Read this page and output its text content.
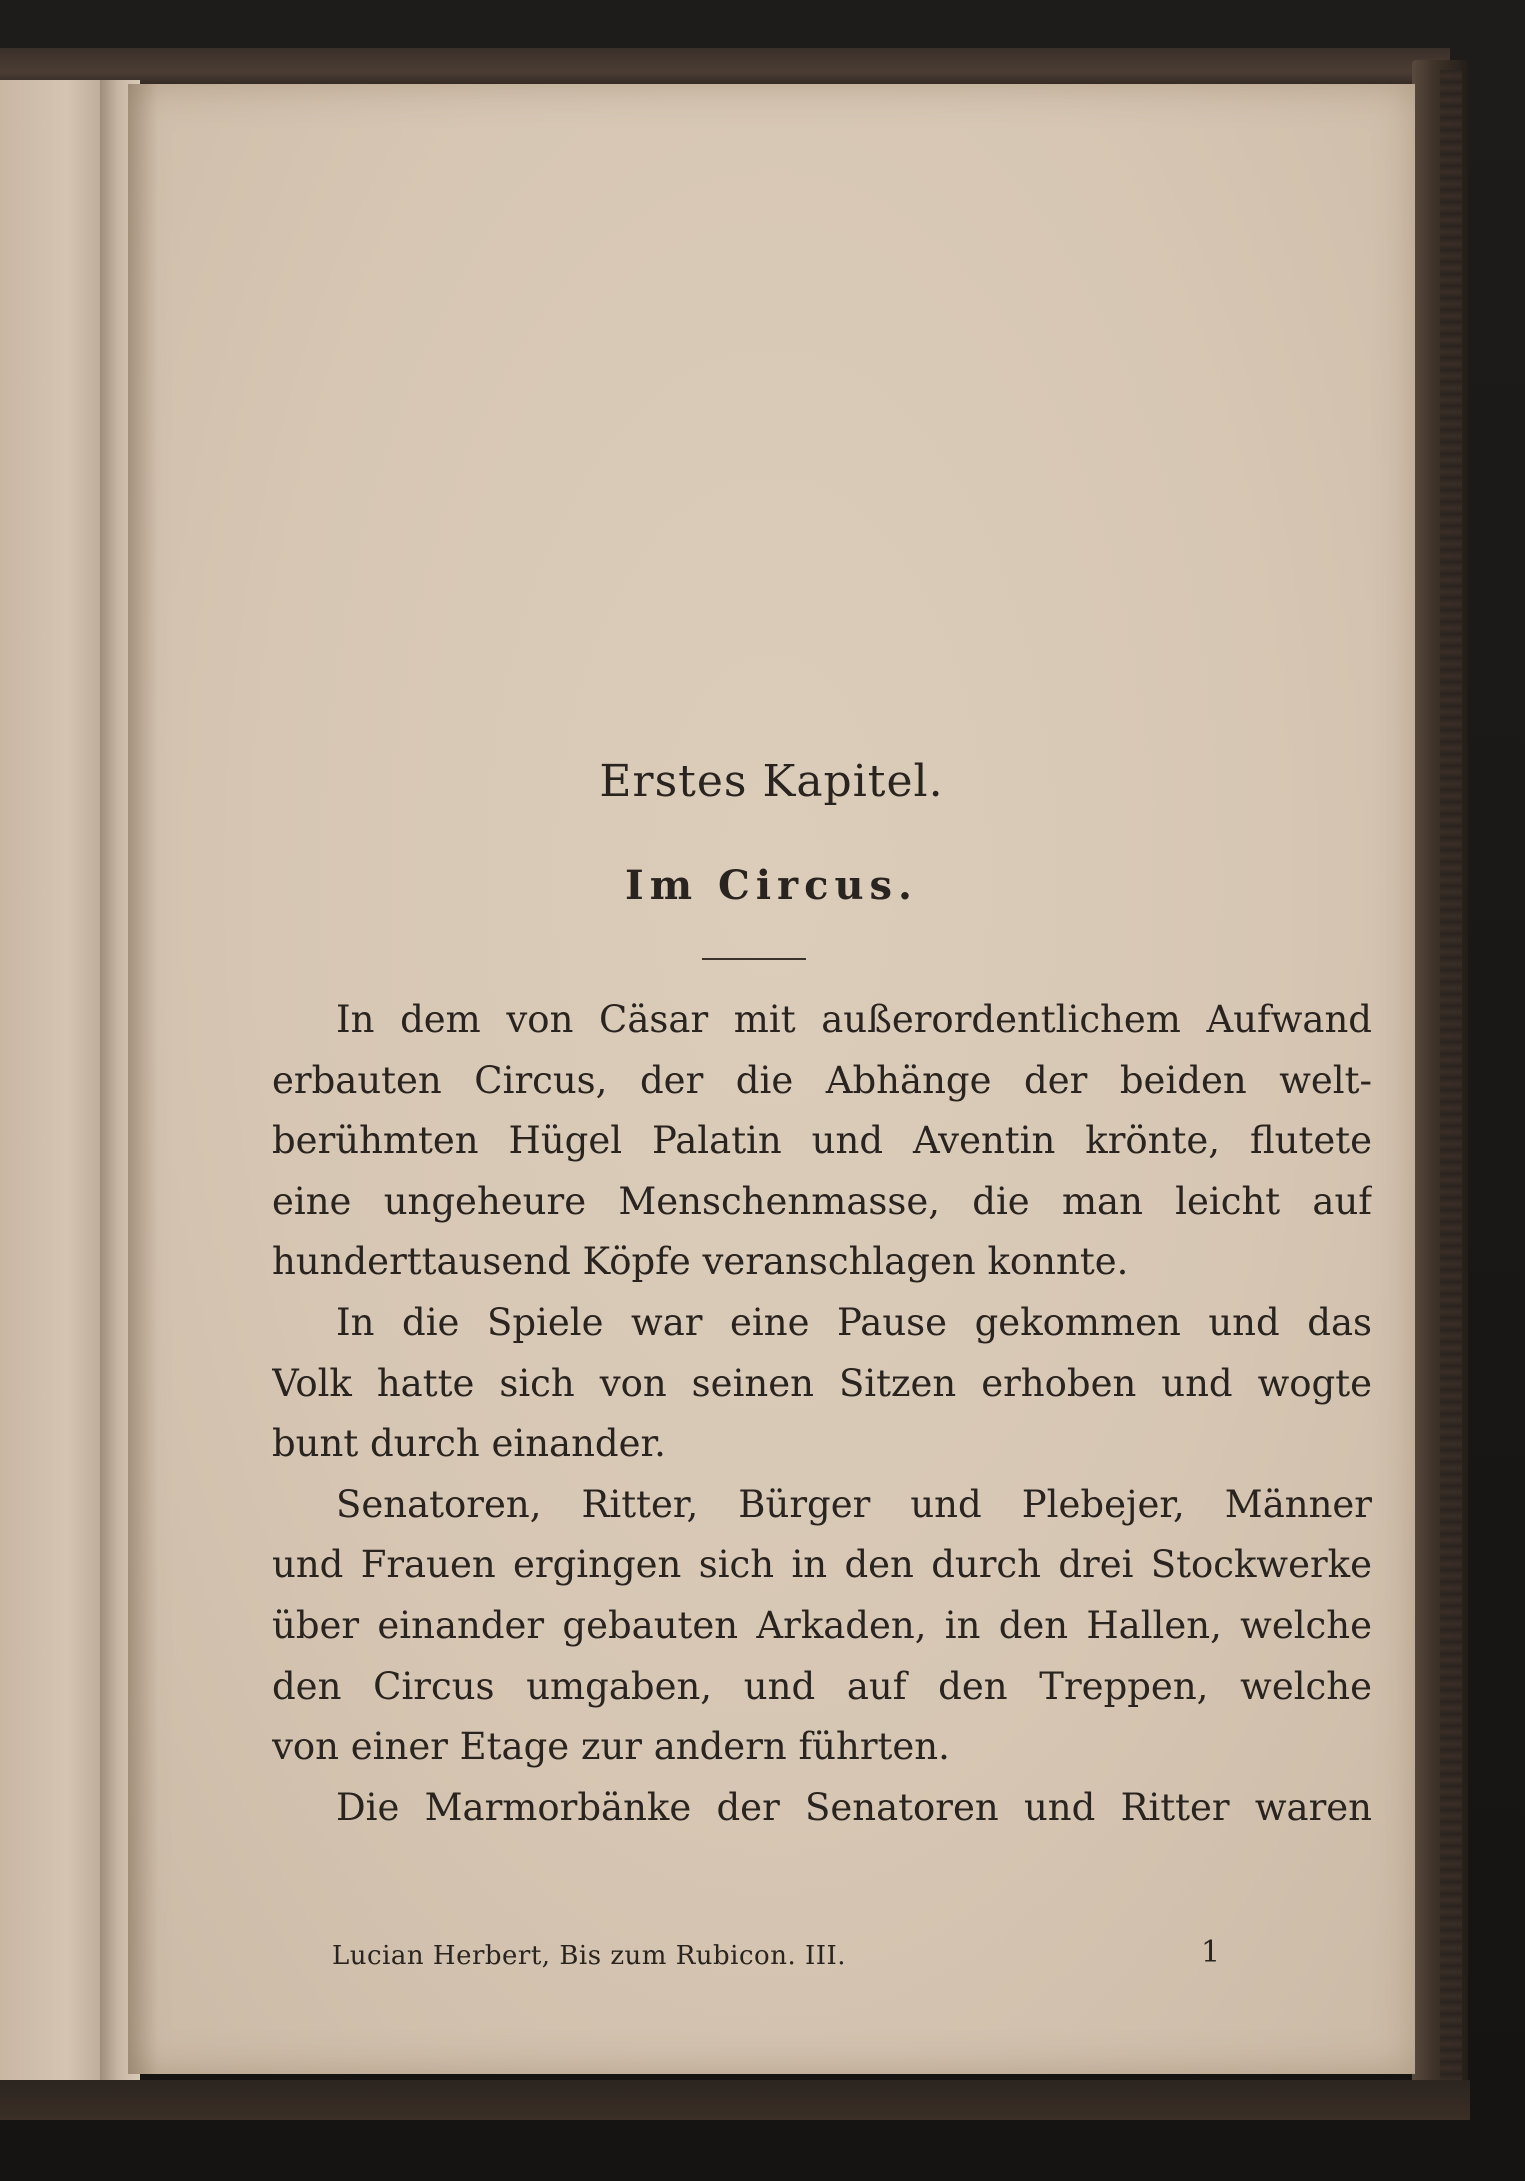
Erstes Kapitel.
Im Circus.
In dem von Cäsar mit außerordentlichem Aufwand
erbauten Circus, der die Abhänge der beiden welt-
berühmten Hügel Palatin und Aventin krönte, flutete
eine ungeheure Menschenmasse, die man leicht auf
hunderttausend Köpfe veranschlagen konnte.
In die Spiele war eine Pause gekommen und das
Volk hatte sich von seinen Sitzen erhoben und wogte
bunt durch einander.
Senatoren, Ritter, Bürger und Plebejer, Männer
und Frauen ergingen sich in den durch drei Stockwerke
über einander gebauten Arkaden, in den Hallen, welche
den Circus umgaben, und auf den Treppen, welche
von einer Etage zur andern führten.
Die Marmorbänke der Senatoren und Ritter waren
Lucian Herbert, Bis zum Rubicon. III.	1
